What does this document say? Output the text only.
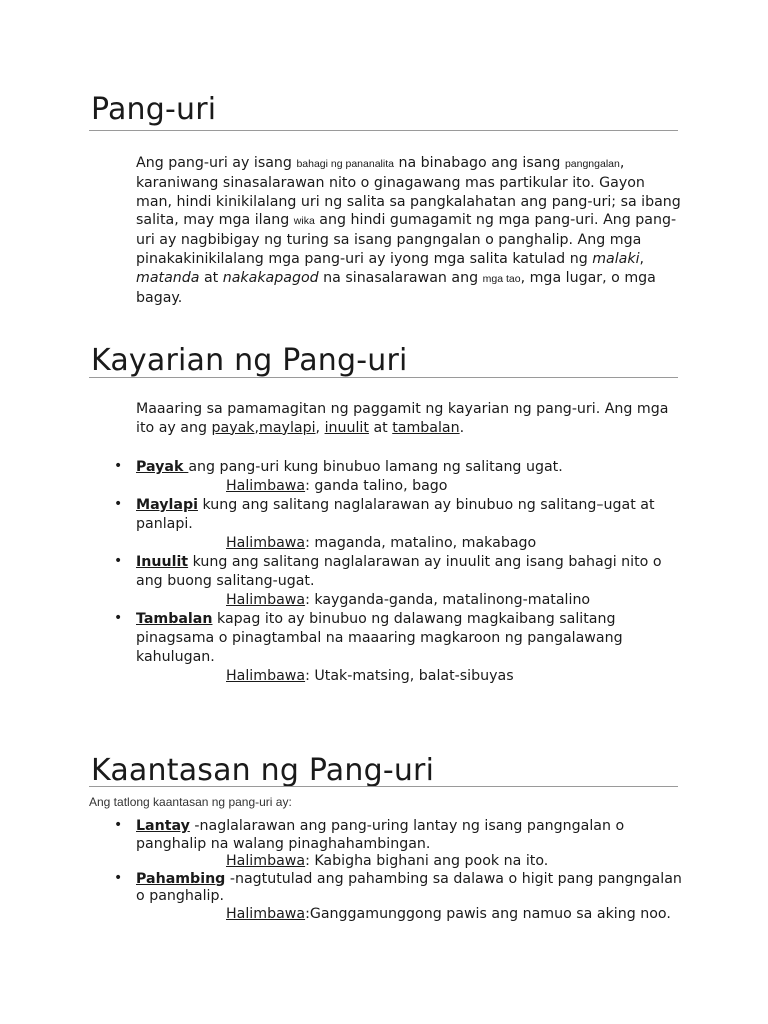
Pang-uri

Ang pang-uri ay isang bahagi ng pananalita na binabago ang isang pangngalan, karaniwang sinasalarawan nito o ginagawang mas partikular ito. Gayon man, hindi kinikilalang uri ng salita sa pangkalahatan ang pang-uri; sa ibang salita, may mga ilang wika ang hindi gumagamit ng mga pang-uri. Ang pang-uri ay nagbibigay ng turing sa isang pangngalan o panghalip. Ang mga pinakakinikilalang mga pang-uri ay iyong mga salita katulad ng malaki, matanda at nakakapagod na sinasalarawan ang mga tao, mga lugar, o mga bagay.

Kayarian ng Pang-uri

Maaaring sa pamamagitan ng paggamit ng kayarian ng pang-uri. Ang mga ito ay ang payak,maylapi, inuulit at tambalan.

• Payak ang pang-uri kung binubuo lamang ng salitang ugat.
Halimbawa: ganda talino, bago
• Maylapi kung ang salitang naglalarawan ay binubuo ng salitang–ugat at panlapi.
Halimbawa: maganda, matalino, makabago
• Inuulit kung ang salitang naglalarawan ay inuulit ang isang bahagi nito o ang buong salitang-ugat.
Halimbawa: kayganda-ganda, matalinong-matalino
• Tambalan kapag ito ay binubuo ng dalawang magkaibang salitang pinagsama o pinagtambal na maaaring magkaroon ng pangalawang kahulugan.
Halimbawa: Utak-matsing, balat-sibuyas
Kaantasan ng Pang-uri
Ang tatlong kaantasan ng pang-uri ay:
• Lantay -naglalarawan ang pang-uring lantay ng isang pangngalan o panghalip na walang pinaghahambingan.
Halimbawa: Kabigha bighani ang pook na ito.
• Pahambing -nagtutulad ang pahambing sa dalawa o higit pang pangngalan o panghalip.
Halimbawa:Ganggamunggong pawis ang namuo sa aking noo.
